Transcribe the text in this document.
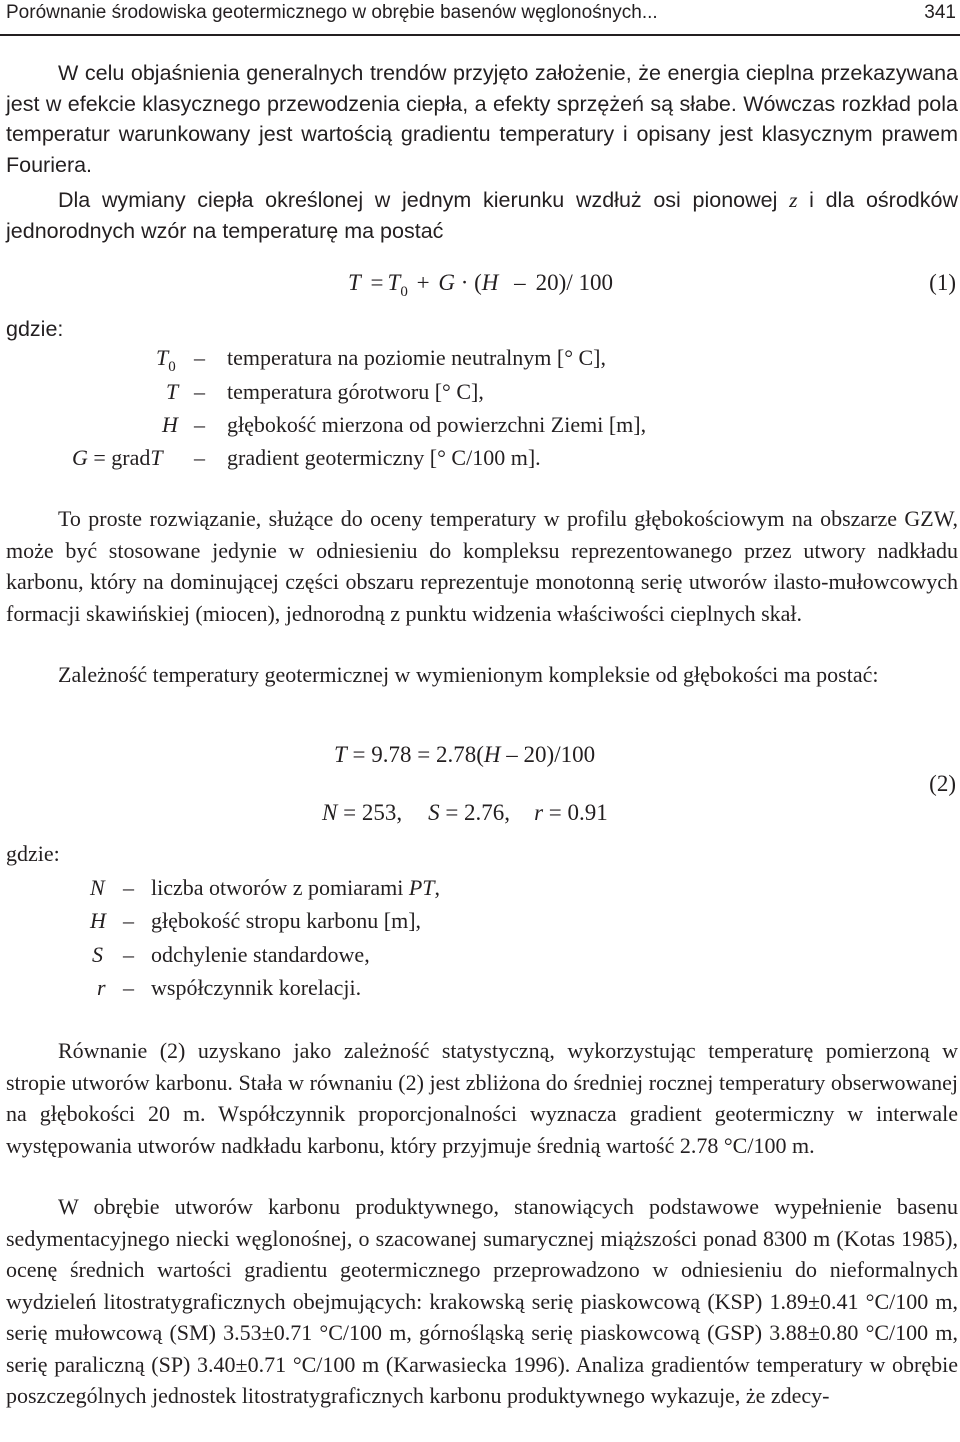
Porównanie środowiska geotermicznego w obrębie basenów węglonośnych...	341
W celu objaśnienia generalnych trendów przyjęto założenie, że energia cieplna przekazywana jest w efekcie klasycznego przewodzenia ciepła, a efekty sprzężeń są słabe. Wówczas rozkład pola temperatur warunkowany jest wartością gradientu temperatury i opisany jest klasycznym prawem Fouriera.
Dla wymiany ciepła określonej w jednym kierunku wzdłuż osi pionowej z i dla ośrodków jednorodnych wzór na temperaturę ma postać
$T = T_0 + G \cdot (H - 20)/$ 100	(1)
gdzie:
$T_0$ – temperatura na poziomie neutralnym [° C],
T – temperatura górotworu [° C],
H – głębokość mierzona od powierzchni Ziemi [m],
G = gradT – gradient geotermiczny [° C/100 m].
To proste rozwiązanie, służące do oceny temperatury w profilu głębokościowym na obszarze GZW, może być stosowane jedynie w odniesieniu do kompleksu reprezentowanego przez utwory nadkładu karbonu, który na dominującej części obszaru reprezentuje monotonną serię utworów ilasto-mułowcowych formacji skawińskiej (miocen), jednorodną z punktu widzenia właściwości cieplnych skał.
Zależność temperatury geotermicznej w wymienionym kompleksie od głębokości ma postać:
T = 9.78 = 2.78(H – 20)/100
N = 253, S = 2.76, r = 0.91
(2)
gdzie:
N – liczba otworów z pomiarami PT,
H – głębokość stropu karbonu [m],
S – odchylenie standardowe,
r – współczynnik korelacji.
Równanie (2) uzyskano jako zależność statystyczną, wykorzystując temperaturę pomierzoną w stropie utworów karbonu. Stała w równaniu (2) jest zbliżona do średniej rocznej temperatury obserwowanej na głębokości 20 m. Współczynnik proporcjonalności wyznacza gradient geotermiczny w interwale występowania utworów nadkładu karbonu, który przyjmuje średnią wartość 2.78 °C/100 m.
W obrębie utworów karbonu produktywnego, stanowiących podstawowe wypełnienie basenu sedymentacyjnego niecki węglonośnej, o szacowanej sumarycznej miąższości ponad 8300 m (Kotas 1985), ocenę średnich wartości gradientu geotermicznego przeprowadzono w odniesieniu do nieformalnych wydzieleń litostratygraficznych obejmujących: krakowską serię piaskowcową (KSP) 1.89±0.41 °C/100 m, serię mułowcową (SM) 3.53±0.71 °C/100 m, górnośląską serię piaskowcową (GSP) 3.88±0.80 °C/100 m, serię paraliczną (SP) 3.40±0.71 °C/100 m (Karwasiecka 1996). Analiza gradientów temperatury w obrębie poszczególnych jednostek litostratygraficznych karbonu produktywnego wykazuje, że zdecy-
